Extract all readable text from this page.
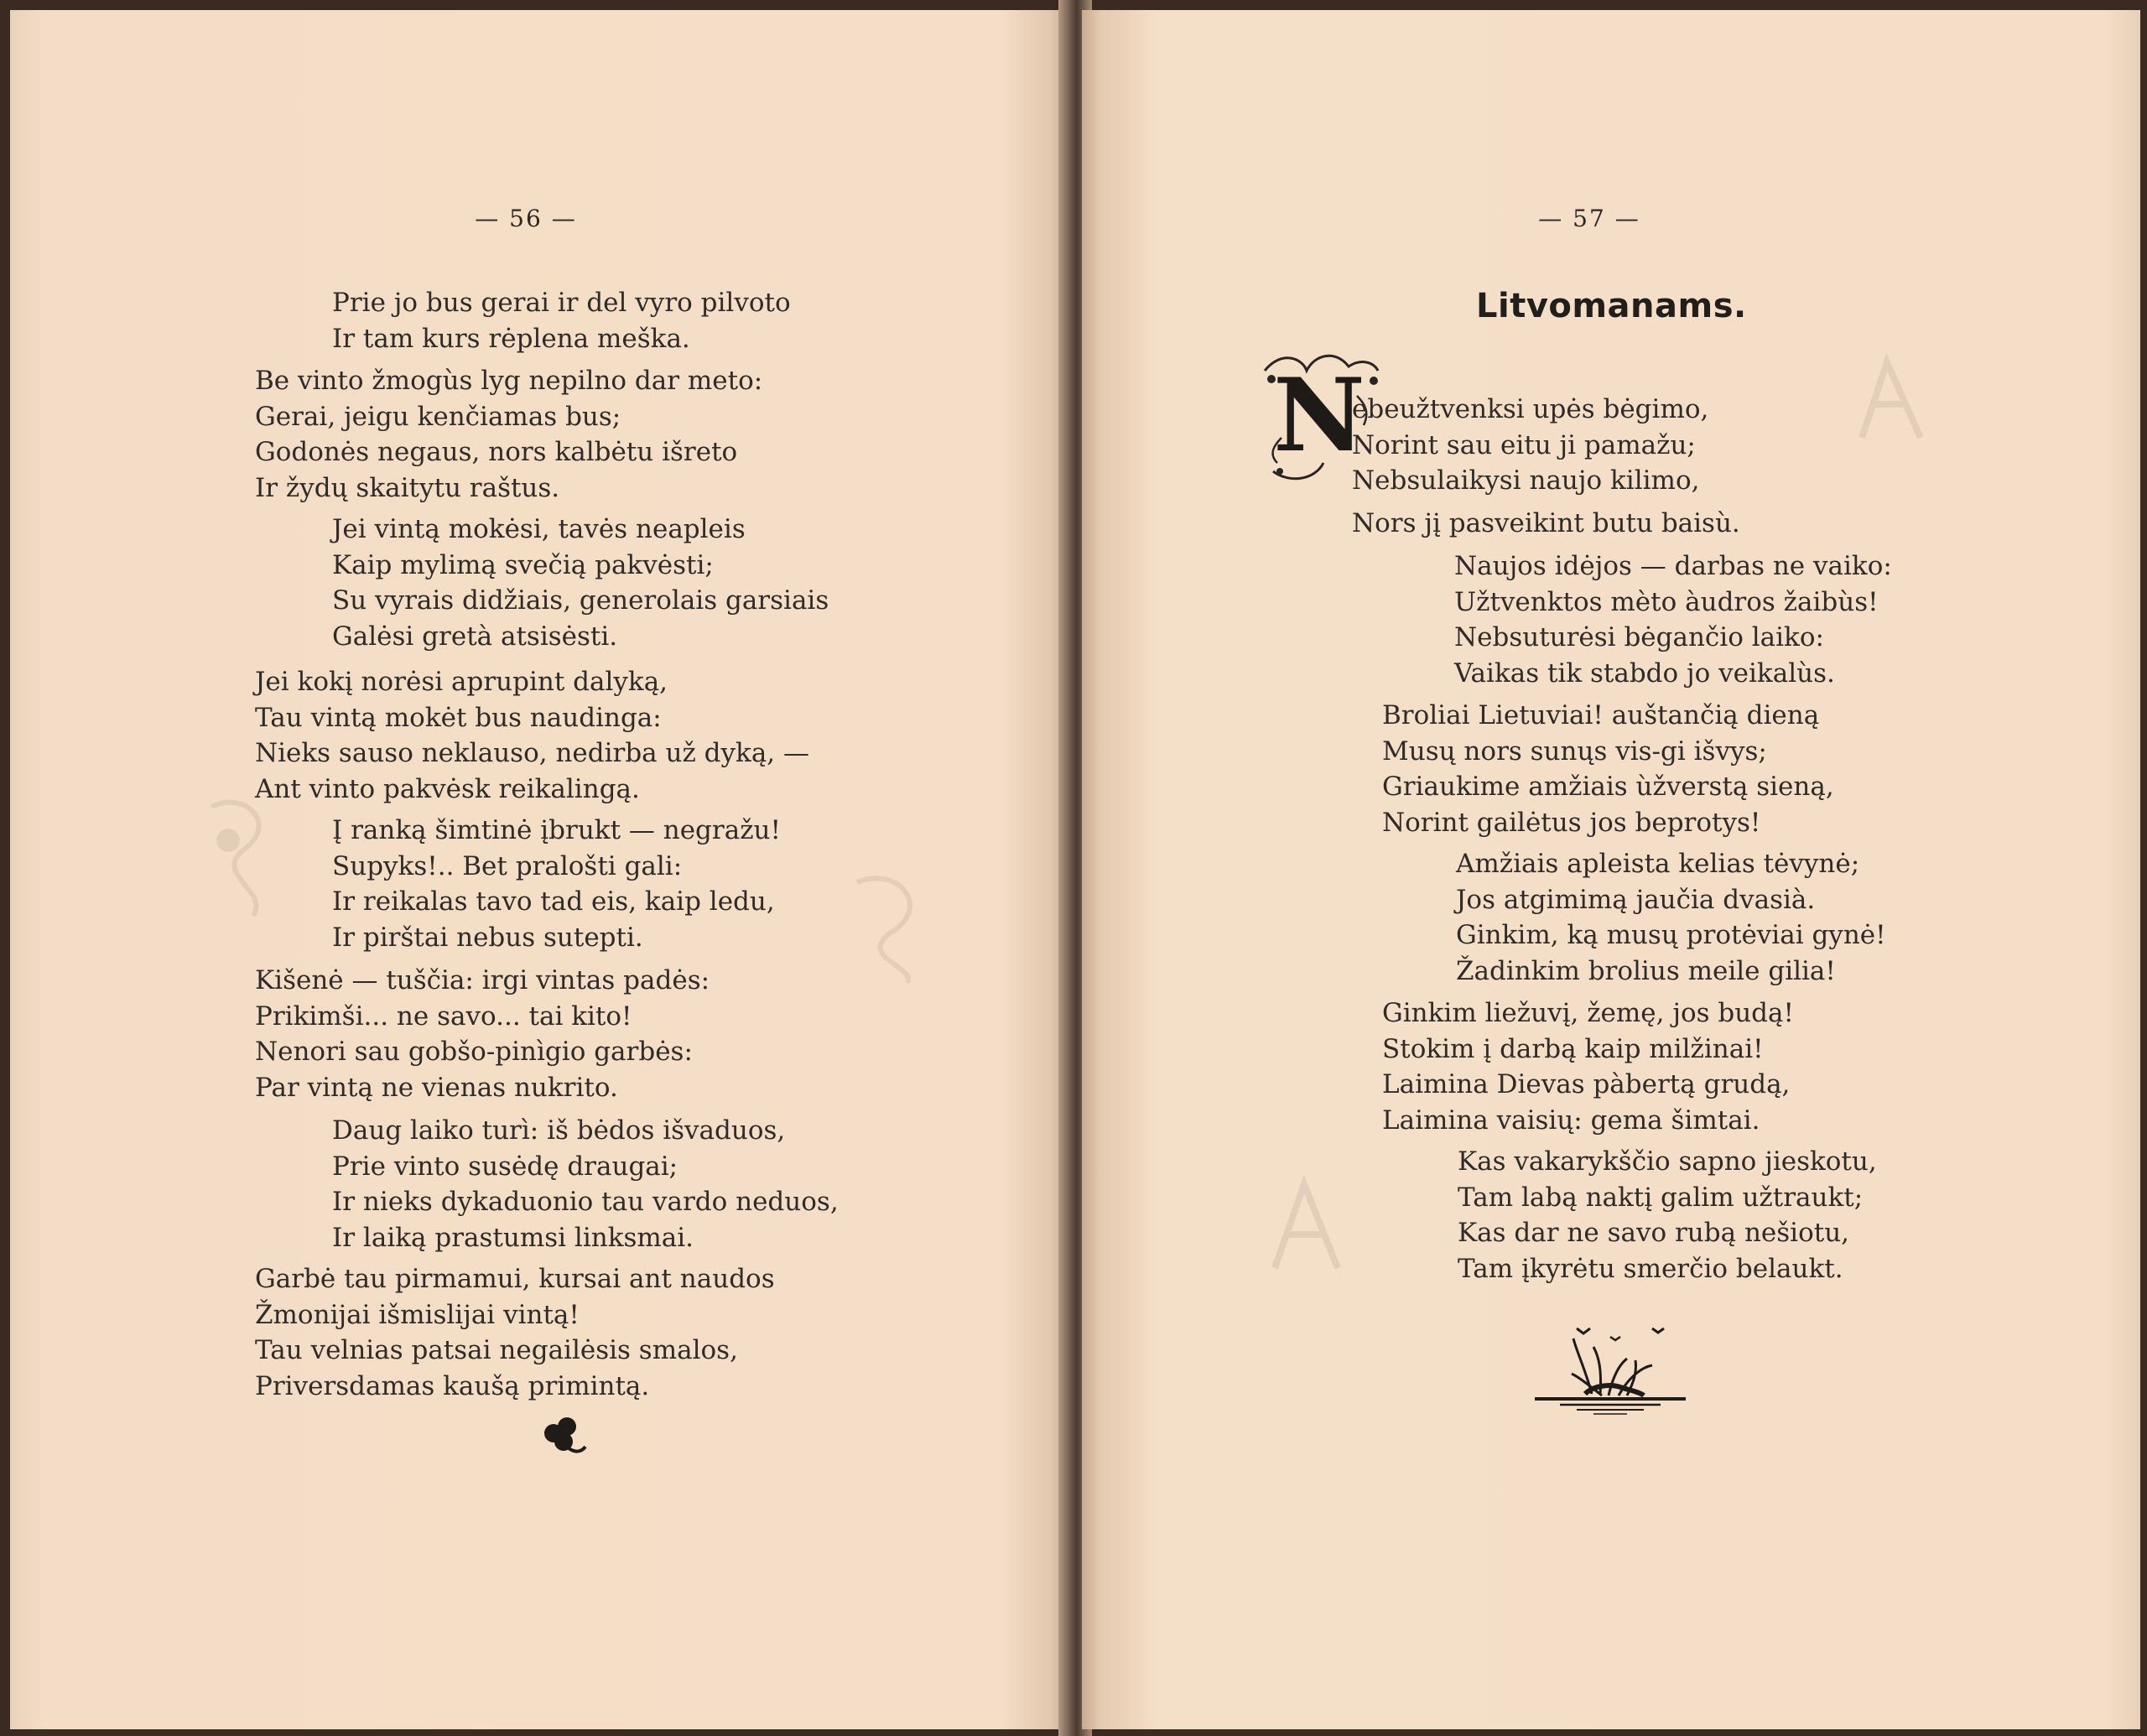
— 56 —
Prie jo bus gerai ir del vyro pilvoto
Ir tam kurs rėplena meška.
Be vinto žmogùs lyg nepilno dar meto:
Gerai, jeigu kenčiamas bus;
Godonės negaus, nors kalbėtu išreto
Ir žydų skaitytu raštus.
Jei vintą mokėsi, tavės neapleis
Kaip mylimą svečią pakvėsti;
Su vyrais didžiais, generolais garsiais
Galėsi gretà atsisėsti.
Jei kokį norėsi aprupint dalyką,
Tau vintą mokėt bus naudinga:
Nieks sauso neklauso, nedirba už dyką, —
Ant vinto pakvėsk reikalingą.
Į ranką šimtinė įbrukt — negražu!
Supyks!.. Bet pralošti gali:
Ir reikalas tavo tad eis, kaip ledu,
Ir pirštai nebus sutepti.
Kišenė — tuščia: irgi vintas padės:
Prikimši... ne savo... tai kito!
Nenori sau gobšo-pinìgio garbės:
Par vintą ne vienas nukrito.
Daug laiko turì: iš bėdos išvaduos,
Prie vinto susėdę draugai;
Ir nieks dykaduonio tau vardo neduos,
Ir laiką prastumsi linksmai.
Garbė tau pirmamui, kursai ant naudos
Žmonijai išmislijai vintą!
Tau velnias patsai negailėsis smalos,
Priversdamas kaušą primintą.
— 57 —
Litvomanams.
N
ebeužtvenksi upės bėgimo,
Norint sau eitu ji pamažu;
Nebsulaikysi naujo kilimo,
Nors jį pasveikint butu baisù.
Naujos idėjos — darbas ne vaiko:
Užtvenktos mèto àudros žaibùs!
Nebsuturėsi bėgančio laiko:
Vaikas tik stabdo jo veikalùs.
Broliai Lietuviai! auštančią dieną
Musų nors sunųs vis-gi išvys;
Griaukime amžiais ùžverstą sieną,
Norint gailėtus jos beprotys!
Amžiais apleista kelias tėvynė;
Jos atgimimą jaučia dvasià.
Ginkim, ką musų protėviai gynė!
Žadinkim brolius meile gilia!
Ginkim liežuvį, žemę, jos budą!
Stokim į darbą kaip milžinai!
Laimina Dievas pàbertą grudą,
Laimina vaisių: gema šimtai.
Kas vakarykščio sapno jieskotu,
Tam labą naktį galim užtraukt;
Kas dar ne savo rubą nešiotu,
Tam įkyrėtu smerčio belaukt.
